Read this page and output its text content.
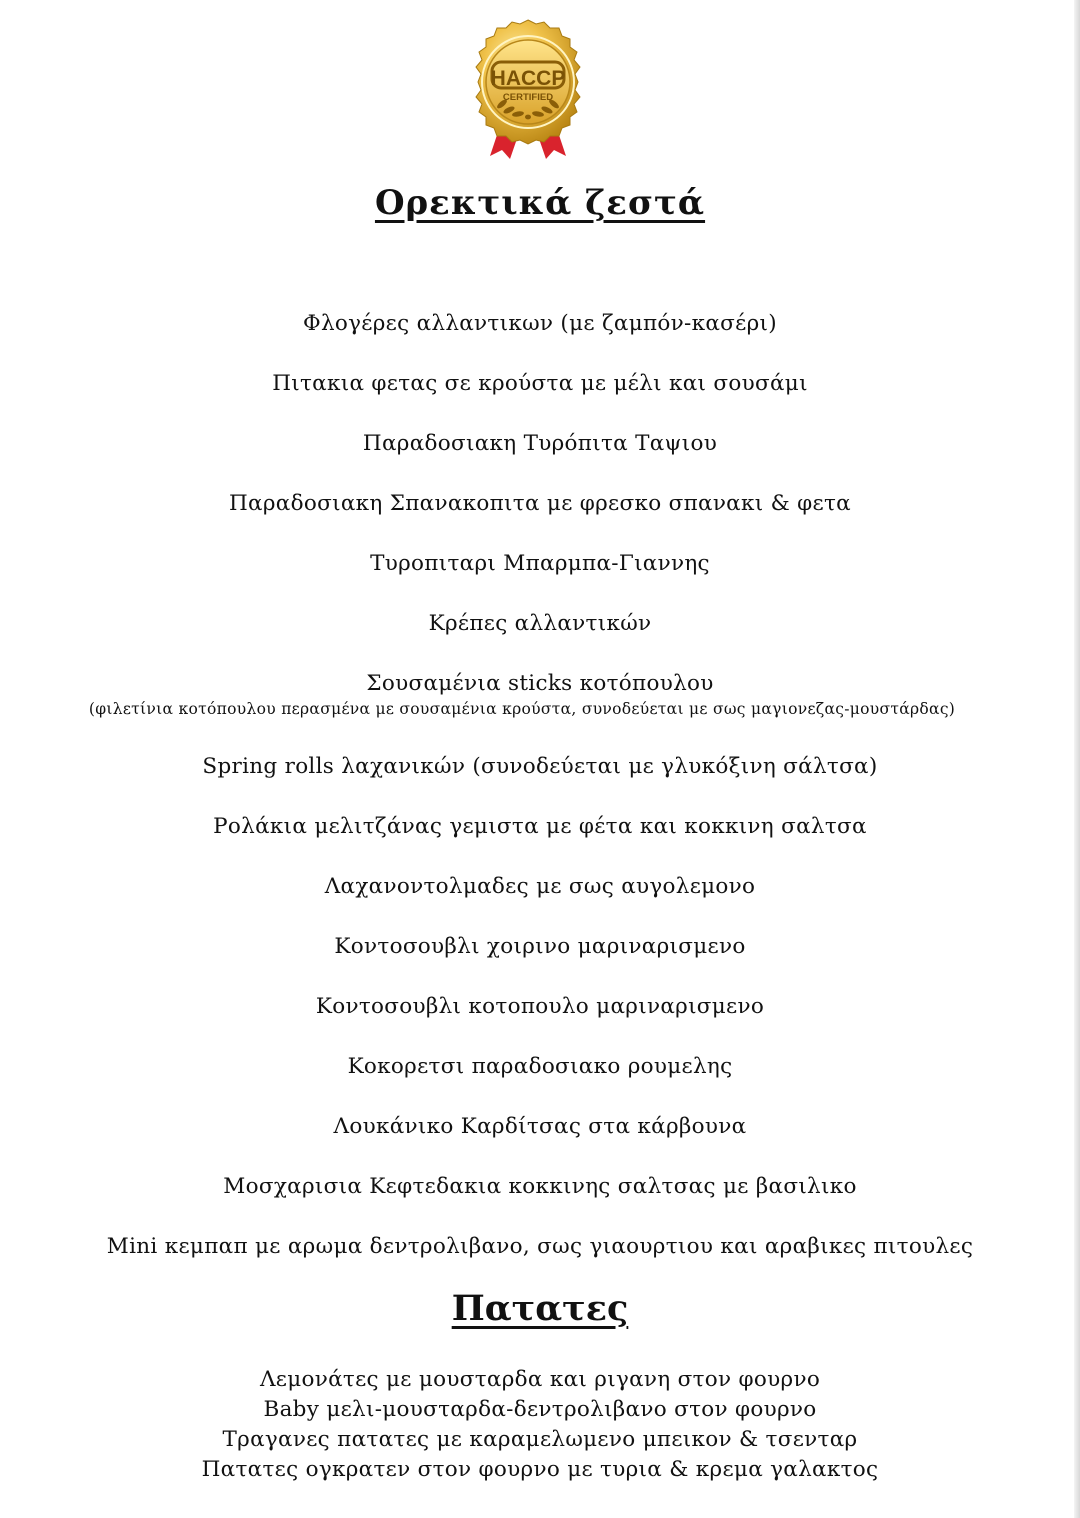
HACCP
CERTIFIED
Ορεκτικά ζεστά
Φλογέρες αλλαντικων (με ζαμπόν-κασέρι)
Πιτακια φετας σε κρούστα με μέλι και σουσάμι
Παραδοσιακη Τυρόπιτα Ταψιου
Παραδοσιακη Σπανακοπιτα με φρεσκο σπανακι & φετα
Τυροπιταρι Μπαρμπα-Γιαννης
Κρέπες αλλαντικών
Σουσαμένια sticks κοτόπουλου
(φιλετίνια κοτόπουλου περασμένα με σουσαμένια κρούστα, συνοδεύεται με σως μαγιονεζας-μουστάρδας)
Spring rolls λαχανικών (συνοδεύεται με γλυκόξινη σάλτσα)
Ρολάκια μελιτζάνας γεμιστα με φέτα και κοκκινη σαλτσα
Λαχανοντολμαδες με σως αυγολεμονο
Κοντοσουβλι χοιρινο μαριναρισμενο
Κοντοσουβλι κοτοπουλο μαριναρισμενο
Κοκορετσι παραδοσιακο ρουμελης
Λουκάνικο Καρδίτσας στα κάρβουνα
Μοσχαρισια Κεφτεδακια κοκκινης σαλτσας με βασιλικο
Mini κεμπαπ με αρωμα δεντρολιβανο, σως γιαουρτιου και αραβικες πιτουλες
Πατατες
Λεμονάτες με μουσταρδα και ριγανη στον φουρνο
Baby μελι-μουσταρδα-δεντρολιβανο στον φουρνο
Τραγανες πατατες με καραμελωμενο μπεικον & τσενταρ
Πατατες ογκρατεν στον φουρνο με τυρια & κρεμα γαλακτος
